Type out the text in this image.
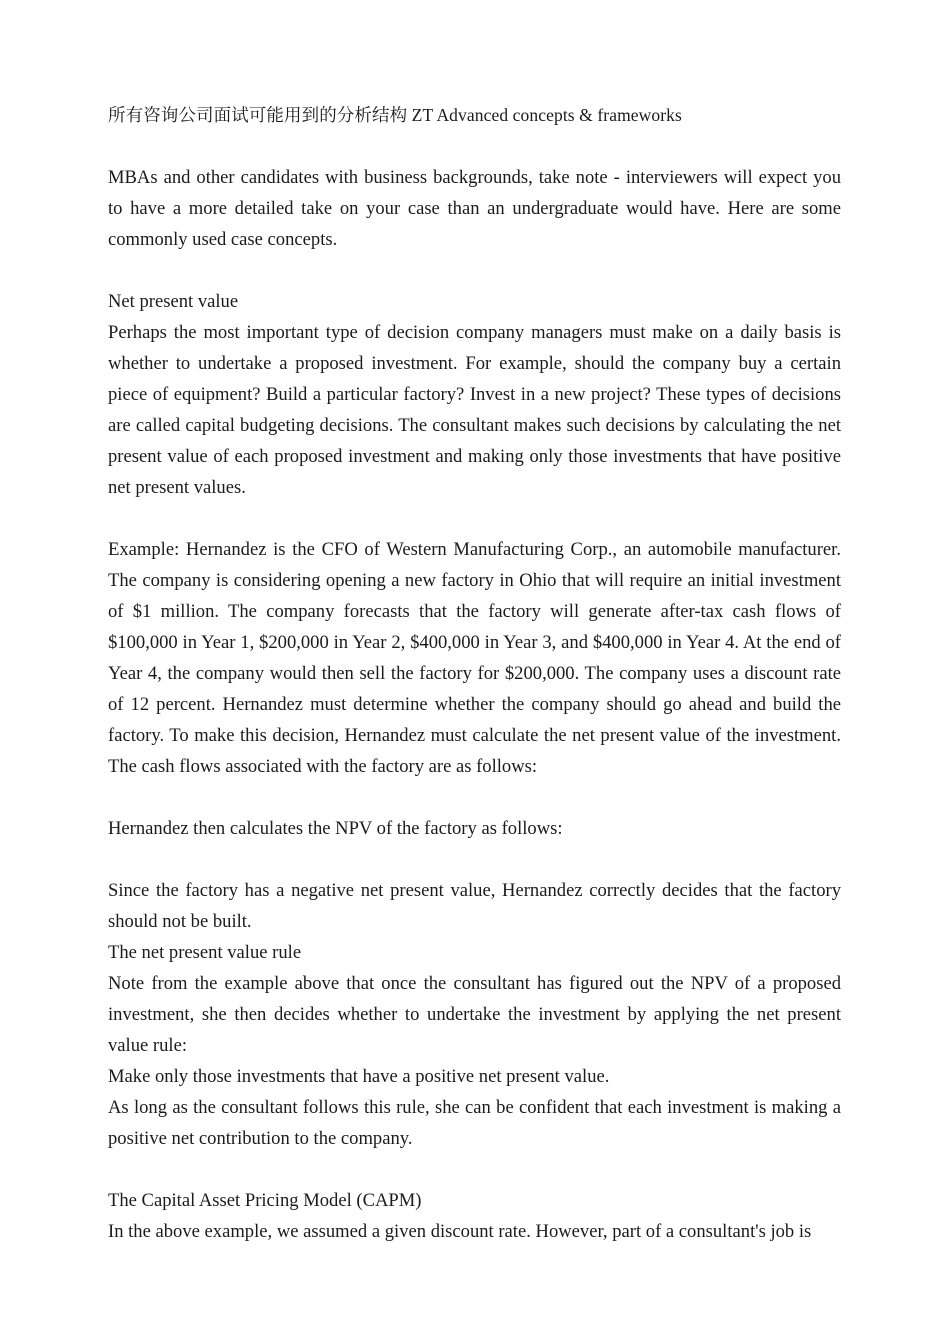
所有咨询公司面试可能用到的分析结构 ZT Advanced concepts & frameworks

MBAs and other candidates with business backgrounds, take note - interviewers will expect you to have a more detailed take on your case than an undergraduate would have. Here are some commonly used case concepts.

Net present value

Perhaps the most important type of decision company managers must make on a daily basis is whether to undertake a proposed investment. For example, should the company buy a certain piece of equipment? Build a particular factory? Invest in a new project? These types of decisions are called capital budgeting decisions. The consultant makes such decisions by calculating the net present value of each proposed investment and making only those investments that have positive net present values.

Example: Hernandez is the CFO of Western Manufacturing Corp., an automobile manufacturer. The company is considering opening a new factory in Ohio that will require an initial investment of $1 million. The company forecasts that the factory will generate after-tax cash flows of $100,000 in Year 1, $200,000 in Year 2, $400,000 in Year 3, and $400,000 in Year 4. At the end of Year 4, the company would then sell the factory for $200,000. The company uses a discount rate of 12 percent. Hernandez must determine whether the company should go ahead and build the factory. To make this decision, Hernandez must calculate the net present value of the investment. The cash flows associated with the factory are as follows:

Hernandez then calculates the NPV of the factory as follows:

Since the factory has a negative net present value, Hernandez correctly decides that the factory should not be built.

The net present value rule

Note from the example above that once the consultant has figured out the NPV of a proposed investment, she then decides whether to undertake the investment by applying the net present value rule:

Make only those investments that have a positive net present value.

As long as the consultant follows this rule, she can be confident that each investment is making a positive net contribution to the company.

The Capital Asset Pricing Model (CAPM)

In the above example, we assumed a given discount rate. However, part of a consultant's job is
